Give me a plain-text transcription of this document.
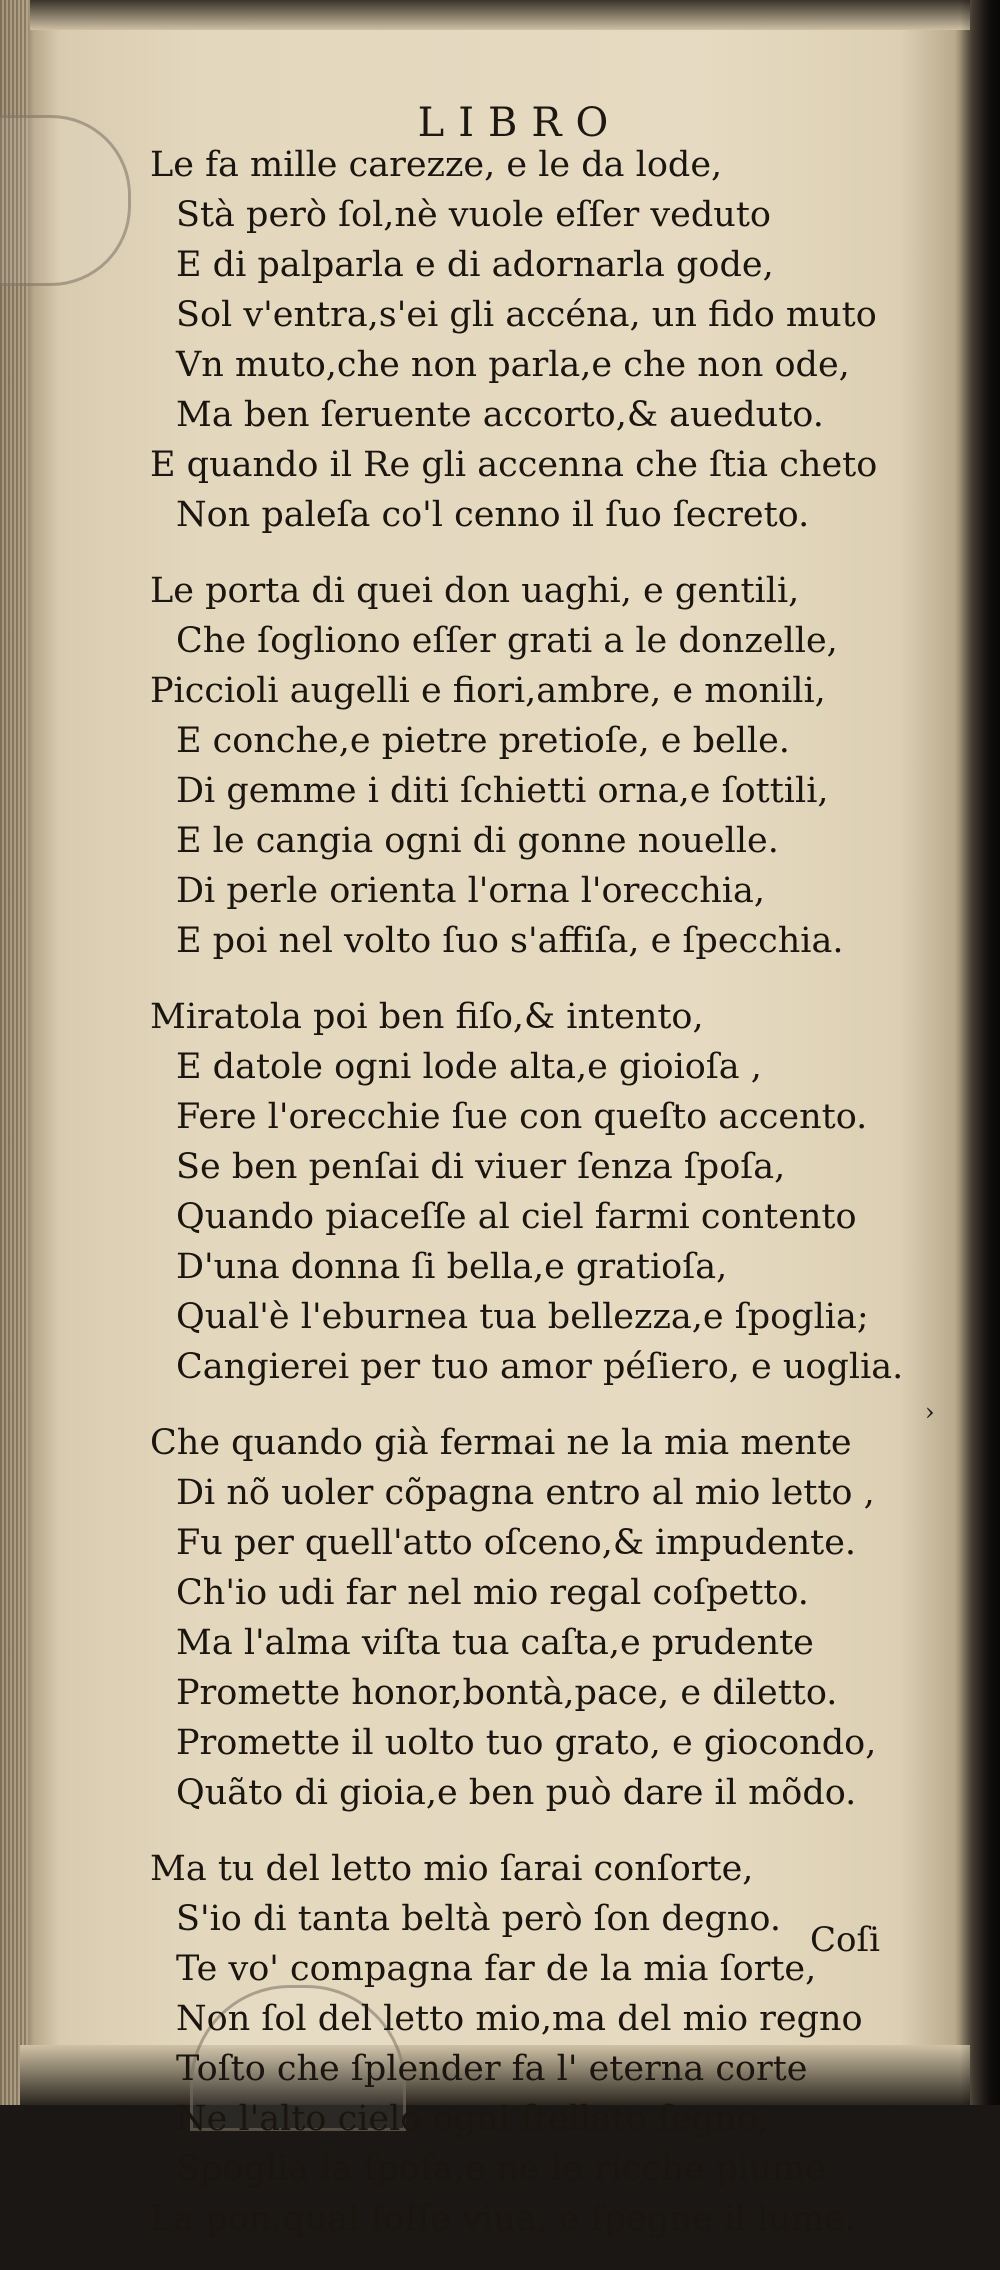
LIBRO
Le fa mille carezze, e le da lode,
Stà però ſol,nè vuole eſſer veduto
E di palparla e di adornarla gode,
Sol v'entra,s'ei gli accéna, un fido muto
Vn muto,che non parla,e che non ode,
Ma ben ſeruente accorto,& aueduto.
E quando il Re gli accenna che ſtia cheto
Non paleſa co'l cenno il ſuo ſecreto.
Le porta di quei don uaghi, e gentili,
Che ſogliono eſſer grati a le donzelle,
Piccioli augelli e fiori,ambre, e monili,
E conche,e pietre pretioſe, e belle.
Di gemme i diti ſchietti orna,e ſottili,
E le cangia ogni di gonne nouelle.
Di perle orienta l'orna l'orecchia,
E poi nel volto ſuo s'affiſa, e ſpecchia.
Miratola poi ben fiſo,& intento,
E datole ogni lode alta,e gioioſa ,
Fere l'orecchie ſue con queſto accento.
Se ben penſai di viuer ſenza ſpoſa,
Quando piaceſſe al ciel farmi contento
D'una donna ſi bella,e gratioſa,
Qual'è l'eburnea tua bellezza,e ſpoglia;
Cangierei per tuo amor péſiero, e uoglia.
Che quando già fermai ne la mia mente
Di nõ uoler cõpagna entro al mio letto ,
Fu per quell'atto oſceno,& impudente.
Ch'io udi far nel mio regal coſpetto.
Ma l'alma viſta tua caſta,e prudente
Promette honor,bontà,pace, e diletto.
Promette il uolto tuo grato, e giocondo,
Quãto di gioia,e ben può dare il mõdo.
Ma tu del letto mio ſarai conſorte,
S'io di tanta beltà però ſon degno.
Te vo' compagna far de la mia ſorte,
Non ſol del letto mio,ma del mio regno
Toſto che ſplender fa l' eterna corte
Ne l'alto cielo ogni ſtellato ſegno,
Spoglia la ſpoſa,e ne le ricche piume
La pon,qual foſſe viua, e ſpegne il lume.
›
Coſi
